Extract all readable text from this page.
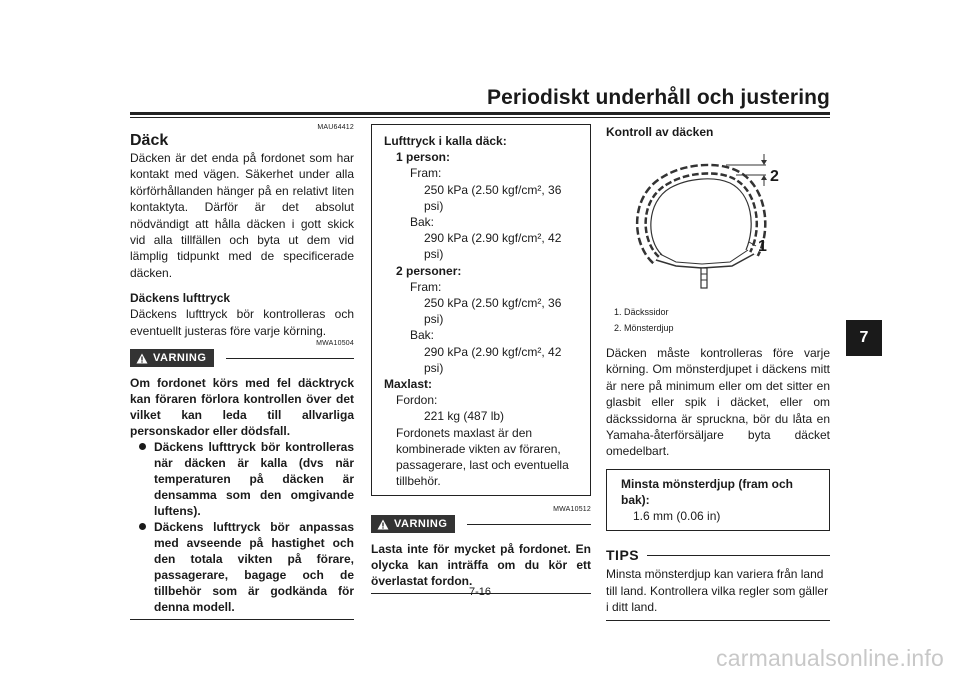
Periodiskt underhåll och justering
7
MAU64412
Däck
Däcken är det enda på fordonet som har kontakt med vägen. Säkerhet under alla körförhållanden hänger på en relativt liten kontaktyta. Därför är det absolut nödvändigt att hålla däcken i gott skick vid alla tillfällen och byta ut dem vid lämplig tidpunkt med de specificerade däcken.
Däckens lufttryck
Däckens lufttryck bör kontrolleras och eventuellt justeras före varje körning.
MWA10504
VARNING
Om fordonet körs med fel däcktryck kan föraren förlora kontrollen över det vilket kan leda till allvarliga personskador eller dödsfall.
Däckens lufttryck bör kontrolleras när däcken är kalla (dvs när temperaturen på däcken är densamma som den omgivande luftens).
Däckens lufttryck bör anpassas med avseende på hastighet och den totala vikten på förare, passagerare, bagage och de tillbehör som är godkända för denna modell.
Lufttryck i kalla däck:
1 person:
Fram:
250 kPa (2.50 kgf/cm², 36 psi)
Bak:
290 kPa (2.90 kgf/cm², 42 psi)
2 personer:
Fram:
250 kPa (2.50 kgf/cm², 36 psi)
Bak:
290 kPa (2.90 kgf/cm², 42 psi)
Maxlast:
Fordon:
221 kg (487 lb)
Fordonets maxlast är den kombinerade vikten av föraren, passagerare, last och eventuella tillbehör.
MWA10512
VARNING
Lasta inte för mycket på fordonet. En olycka kan inträffa om du kör ett överlastat fordon.
Kontroll av däcken
2
1
1. Däckssidor
2. Mönsterdjup
Däcken måste kontrolleras före varje körning. Om mönsterdjupet i däckens mitt är nere på minimum eller om det sitter en glasbit eller spik i däcket, eller om däckssidorna är spruckna, bör du låta en Yamaha-återförsäljare byta däcket omedelbart.
Minsta mönsterdjup (fram och bak):
1.6 mm (0.06 in)
TIPS
Minsta mönsterdjup kan variera från land till land. Kontrollera vilka regler som gäller i ditt land.
7-16
carmanualsonline.info
